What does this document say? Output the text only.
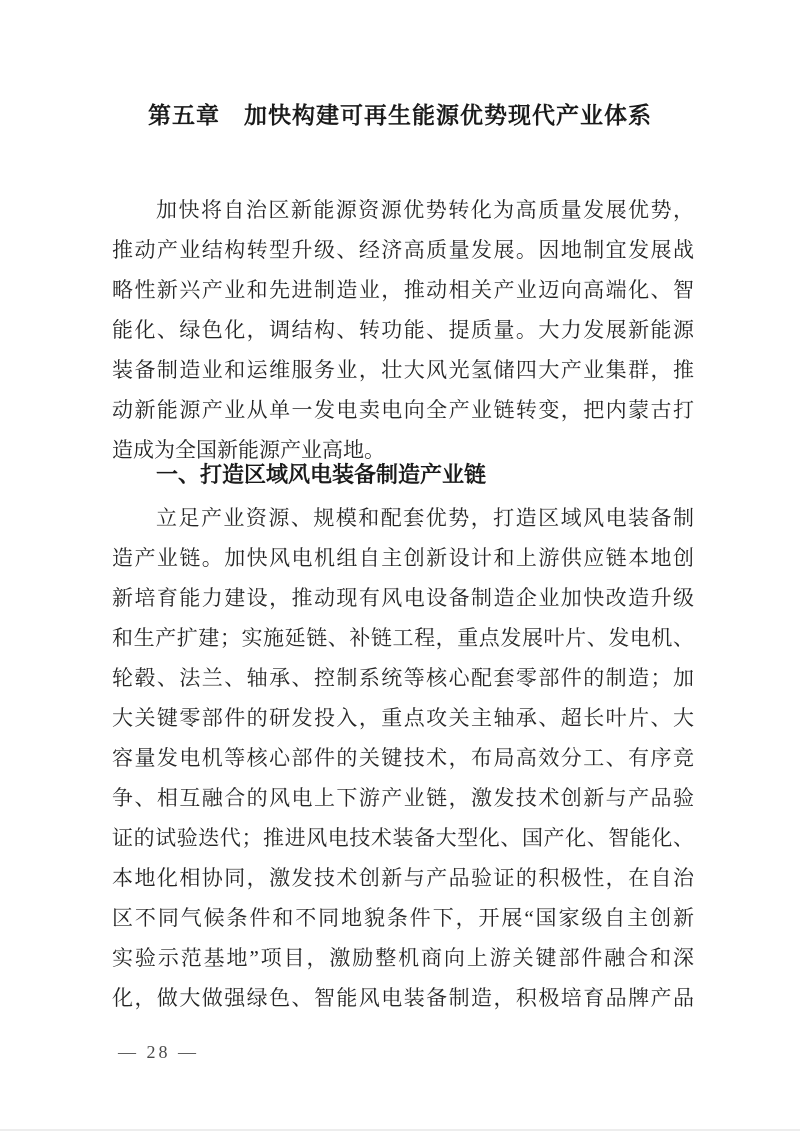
第五章　加快构建可再生能源优势现代产业体系
加快将自治区新能源资源优势转化为高质量发展优势，
推动产业结构转型升级、经济高质量发展。因地制宜发展战
略性新兴产业和先进制造业，推动相关产业迈向高端化、智
能化、绿色化，调结构、转功能、提质量。大力发展新能源
装备制造业和运维服务业，壮大风光氢储四大产业集群，推
动新能源产业从单一发电卖电向全产业链转变，把内蒙古打
造成为全国新能源产业高地。
一、打造区域风电装备制造产业链
立足产业资源、规模和配套优势，打造区域风电装备制
造产业链。加快风电机组自主创新设计和上游供应链本地创
新培育能力建设，推动现有风电设备制造企业加快改造升级
和生产扩建；实施延链、补链工程，重点发展叶片、发电机、
轮毂、法兰、轴承、控制系统等核心配套零部件的制造；加
大关键零部件的研发投入，重点攻关主轴承、超长叶片、大
容量发电机等核心部件的关键技术，布局高效分工、有序竞
争、相互融合的风电上下游产业链，激发技术创新与产品验
证的试验迭代；推进风电技术装备大型化、国产化、智能化、
本地化相协同，激发技术创新与产品验证的积极性，在自治
区不同气候条件和不同地貌条件下，开展“国家级自主创新
实验示范基地”项目，激励整机商向上游关键部件融合和深
化，做大做强绿色、智能风电装备制造，积极培育品牌产品
— 28 —
